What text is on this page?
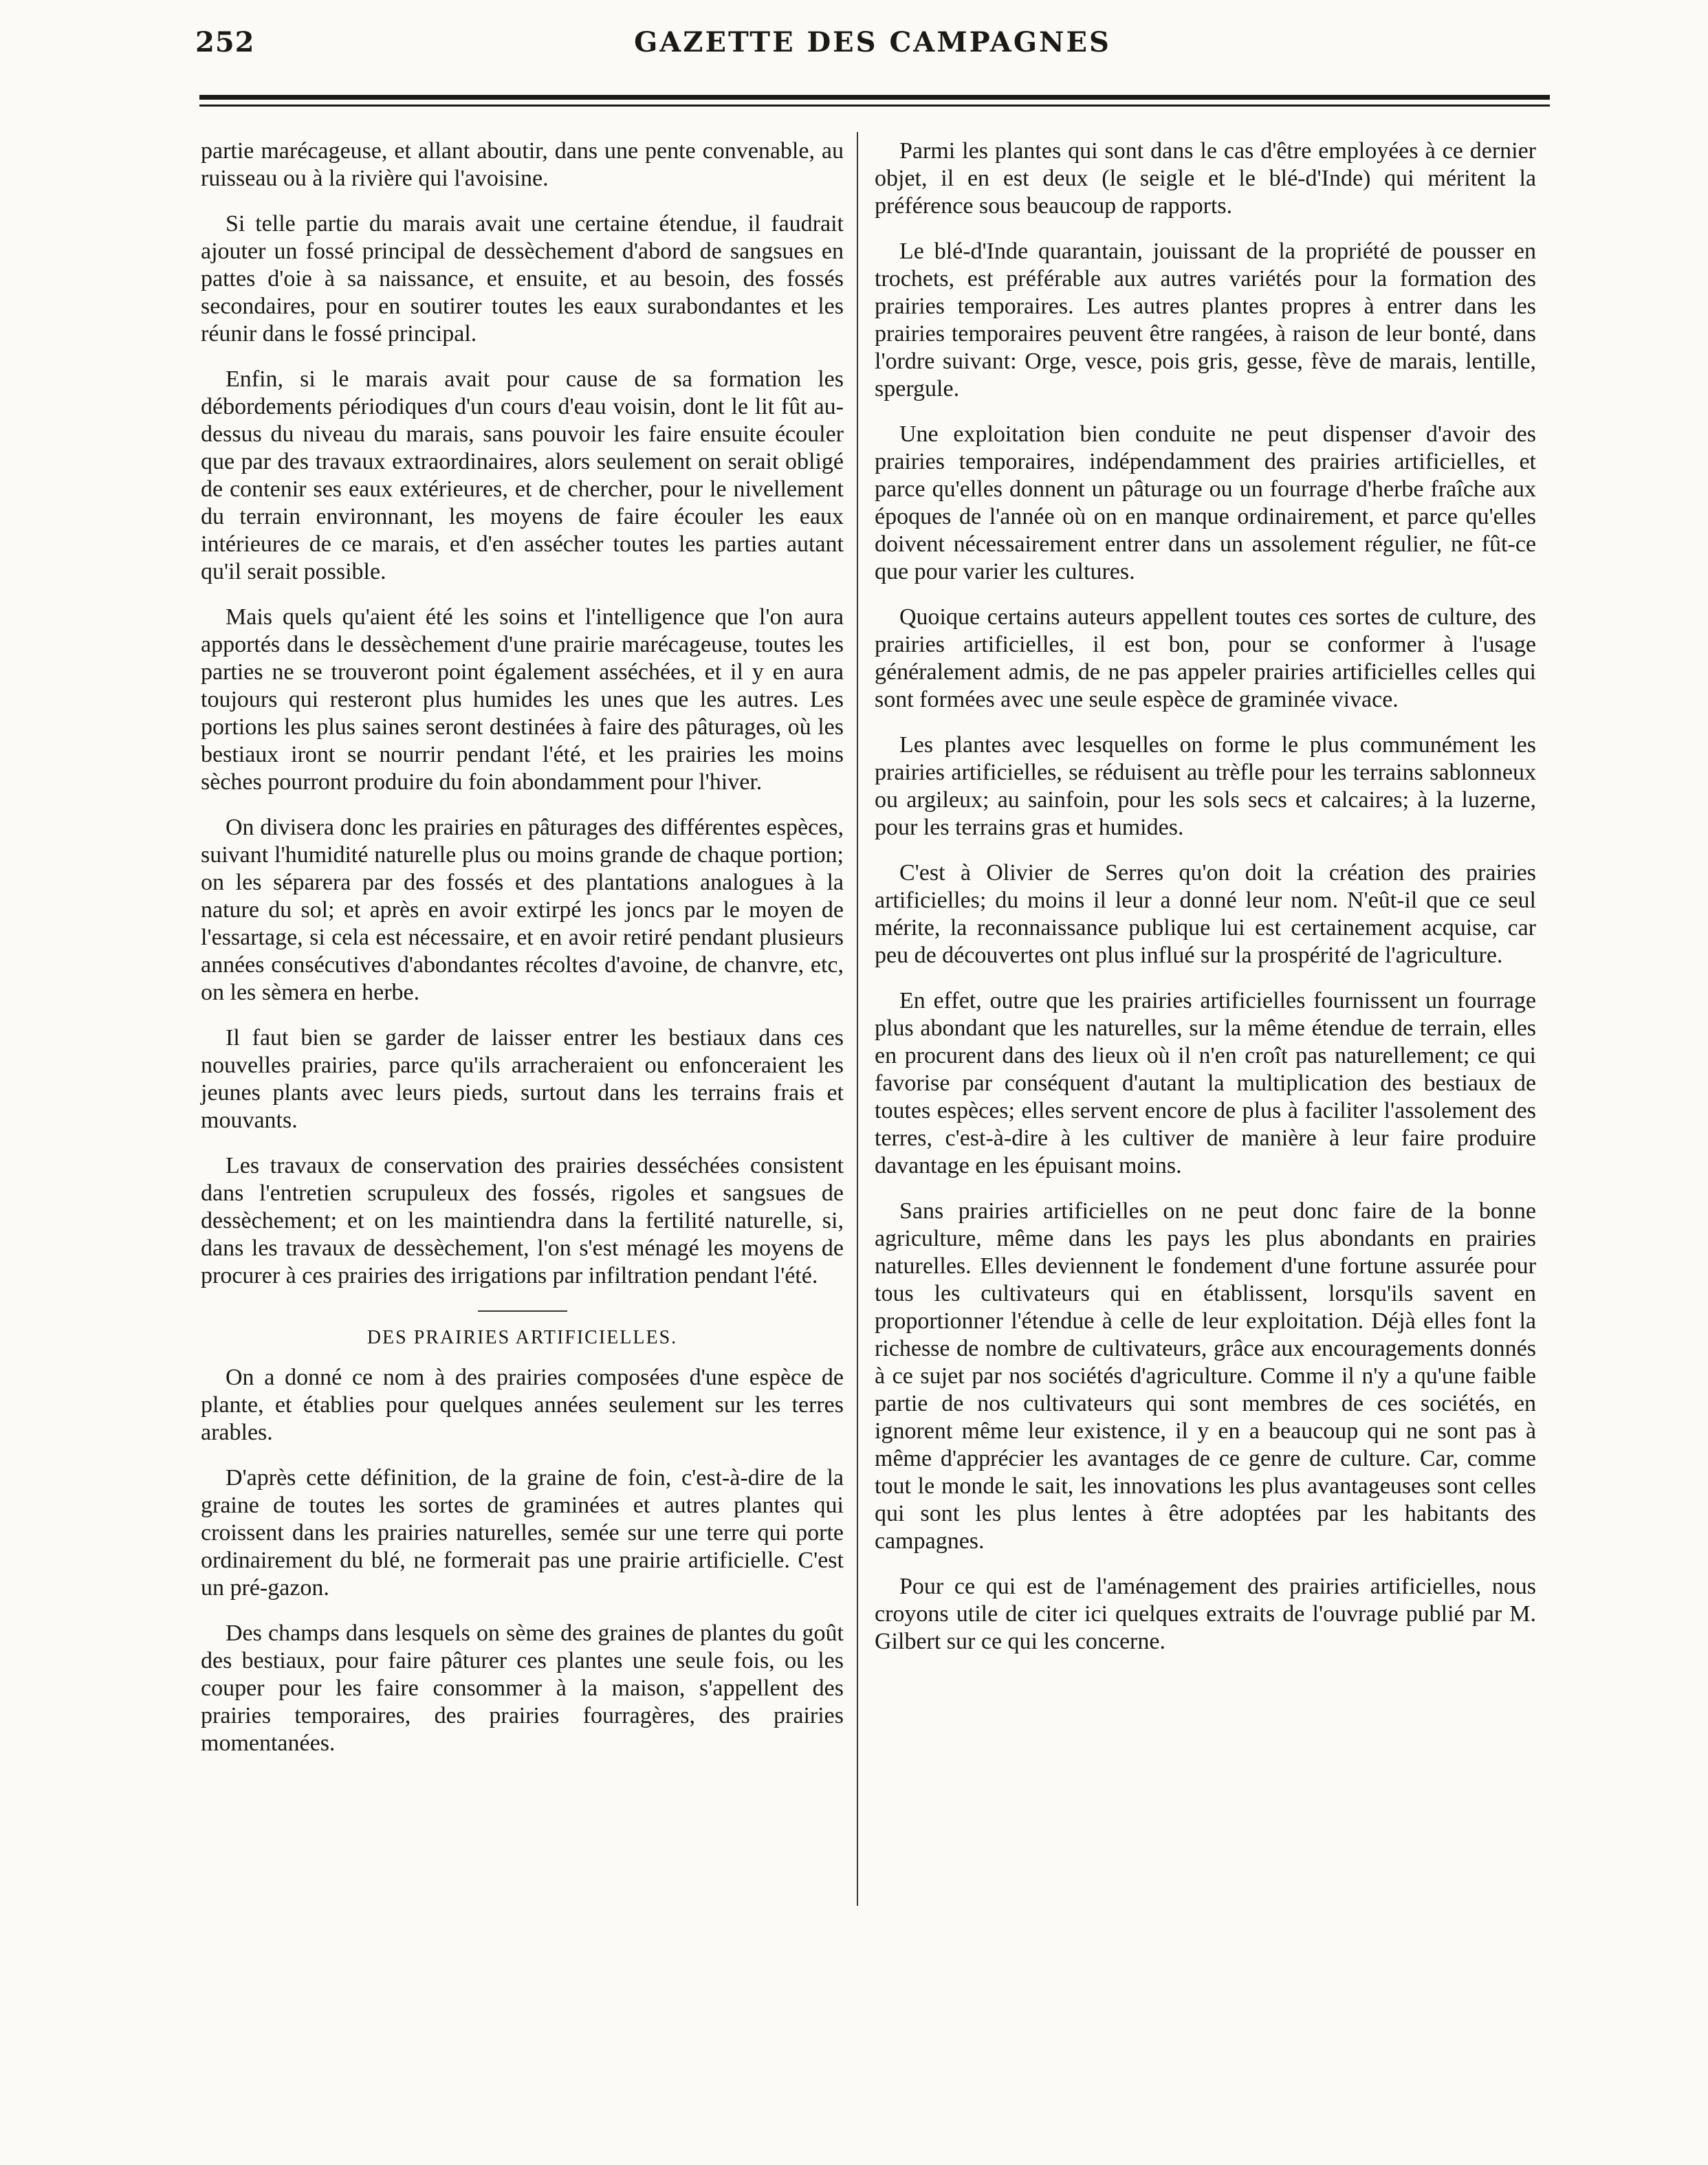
252	GAZETTE DES CAMPAGNES

partie marécageuse, et allant aboutir, dans une pente convenable, au ruisseau ou à la rivière qui l'avoisine.

Si telle partie du marais avait une certaine étendue, il faudrait ajouter un fossé principal de dessèchement d'abord de sangsues en pattes d'oie à sa naissance, et ensuite, et au besoin, des fossés secondaires, pour en soutirer toutes les eaux surabondantes et les réunir dans le fossé principal.

Enfin, si le marais avait pour cause de sa formation les débordements périodiques d'un cours d'eau voisin, dont le lit fût au-dessus du niveau du marais, sans pouvoir les faire ensuite écouler que par des travaux extraordinaires, alors seulement on serait obligé de contenir ses eaux extérieures, et de chercher, pour le nivellement du terrain environnant, les moyens de faire écouler les eaux intérieures de ce marais, et d'en assécher toutes les parties autant qu'il serait possible.

Mais quels qu'aient été les soins et l'intelligence que l'on aura apportés dans le dessèchement d'une prairie marécageuse, toutes les parties ne se trouveront point également asséchées, et il y en aura toujours qui resteront plus humides les unes que les autres. Les portions les plus saines seront destinées à faire des pâturages, où les bestiaux iront se nourrir pendant l'été, et les prairies les moins sèches pourront produire du foin abondamment pour l'hiver.

On divisera donc les prairies en pâturages des différentes espèces, suivant l'humidité naturelle plus ou moins grande de chaque portion; on les séparera par des fossés et des plantations analogues à la nature du sol; et après en avoir extirpé les joncs par le moyen de l'essartage, si cela est nécessaire, et en avoir retiré pendant plusieurs années consécutives d'abondantes récoltes d'avoine, de chanvre, etc, on les sèmera en herbe.

Il faut bien se garder de laisser entrer les bestiaux dans ces nouvelles prairies, parce qu'ils arracheraient ou enfonceraient les jeunes plants avec leurs pieds, surtout dans les terrains frais et mouvants.

Les travaux de conservation des prairies desséchées consistent dans l'entretien scrupuleux des fossés, rigoles et sangsues de dessèchement; et on les maintiendra dans la fertilité naturelle, si, dans les travaux de dessèchement, l'on s'est ménagé les moyens de procurer à ces prairies des irrigations par infiltration pendant l'été.

DES PRAIRIES ARTIFICIELLES.

On a donné ce nom à des prairies composées d'une espèce de plante, et établies pour quelques années seulement sur les terres arables.

D'après cette définition, de la graine de foin, c'est-à-dire de la graine de toutes les sortes de graminées et autres plantes qui croissent dans les prairies naturelles, semée sur une terre qui porte ordinairement du blé, ne formerait pas une prairie artificielle. C'est un pré-gazon.

Des champs dans lesquels on sème des graines de plantes du goût des bestiaux, pour faire pâturer ces plantes une seule fois, ou les couper pour les faire consommer à la maison, s'appellent des prairies temporaires, des prairies fourragères, des prairies momentanées.

Parmi les plantes qui sont dans le cas d'être employées à ce dernier objet, il en est deux (le seigle et le blé-d'Inde) qui méritent la préférence sous beaucoup de rapports.

Le blé-d'Inde quarantain, jouissant de la propriété de pousser en trochets, est préférable aux autres variétés pour la formation des prairies temporaires. Les autres plantes propres à entrer dans les prairies temporaires peuvent être rangées, à raison de leur bonté, dans l'ordre suivant: Orge, vesce, pois gris, gesse, fève de marais, lentille, spergule.

Une exploitation bien conduite ne peut dispenser d'avoir des prairies temporaires, indépendamment des prairies artificielles, et parce qu'elles donnent un pâturage ou un fourrage d'herbe fraîche aux époques de l'année où on en manque ordinairement, et parce qu'elles doivent nécessairement entrer dans un assolement régulier, ne fût-ce que pour varier les cultures.

Quoique certains auteurs appellent toutes ces sortes de culture, des prairies artificielles, il est bon, pour se conformer à l'usage généralement admis, de ne pas appeler prairies artificielles celles qui sont formées avec une seule espèce de graminée vivace.

Les plantes avec lesquelles on forme le plus communément les prairies artificielles, se réduisent au trèfle pour les terrains sablonneux ou argileux; au sainfoin, pour les sols secs et calcaires; à la luzerne, pour les terrains gras et humides.

C'est à Olivier de Serres qu'on doit la création des prairies artificielles; du moins il leur a donné leur nom. N'eût-il que ce seul mérite, la reconnaissance publique lui est certainement acquise, car peu de découvertes ont plus influé sur la prospérité de l'agriculture.

En effet, outre que les prairies artificielles fournissent un fourrage plus abondant que les naturelles, sur la même étendue de terrain, elles en procurent dans des lieux où il n'en croît pas naturellement; ce qui favorise par conséquent d'autant la multiplication des bestiaux de toutes espèces; elles servent encore de plus à faciliter l'assolement des terres, c'est-à-dire à les cultiver de manière à leur faire produire davantage en les épuisant moins.

Sans prairies artificielles on ne peut donc faire de la bonne agriculture, même dans les pays les plus abondants en prairies naturelles. Elles deviennent le fondement d'une fortune assurée pour tous les cultivateurs qui en établissent, lorsqu'ils savent en proportionner l'étendue à celle de leur exploitation. Déjà elles font la richesse de nombre de cultivateurs, grâce aux encouragements donnés à ce sujet par nos sociétés d'agriculture. Comme il n'y a qu'une faible partie de nos cultivateurs qui sont membres de ces sociétés, en ignorent même leur existence, il y en a beaucoup qui ne sont pas à même d'apprécier les avantages de ce genre de culture. Car, comme tout le monde le sait, les innovations les plus avantageuses sont celles qui sont les plus lentes à être adoptées par les habitants des campagnes.

Pour ce qui est de l'aménagement des prairies artificielles, nous croyons utile de citer ici quelques extraits de l'ouvrage publié par M. Gilbert sur ce qui les concerne.
